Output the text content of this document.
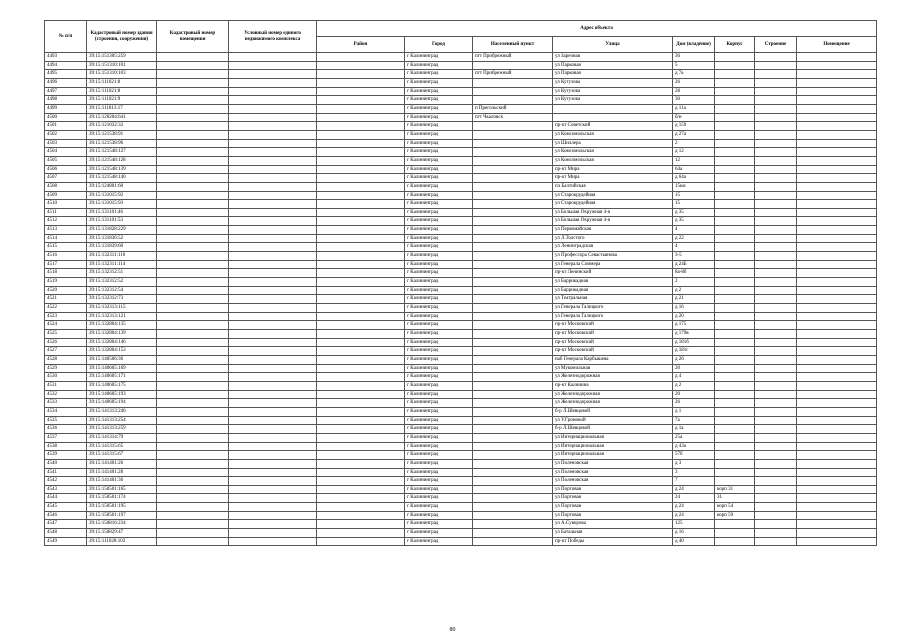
№ п/п	Кадастровый номер здания (строения, сооружения)	Кадастровый номер помещения	Условный номер единого недвижимого комплекса	Адрес объекта							
				Район	Город	Населенный пункт	Улица	Дом (владение)	Корпус	Строение	Помещение
4493	39:15:151305:259				г Калининград	пгт Прибрежный	ул Заречная	36			
4494	39:15:151310:101				г Калининград		ул Парковая	5			
4495	39:15:151310:103				г Калининград	пгт Прибрежный	ул Парковая	д 7а			
4496	39:15:111021:8				г Калининград		ул Кутузова	26			
4497	39:15:111021:8				г Калининград		ул Кутузова	28			
4498	39:15:111021:9				г Калининград		ул Кутузова	30			
4499	39:15:111813:17				г Калининград	п Прегольский		д 11а			
4500	39:15:120204:641				г Калининград	пгт Чкаловск		б/н			
4501	39:15:121032:32				г Калининград		пр-кт Советский	д 159			
4502	39:15:121538:91				г Калининград		ул Комсомольская	д 27а			
4503	39:15:121538:96				г Калининград		ул Шиллера	2			
4504	39:15:121548:127				г Калининград		ул Комсомольская	д 12			
4505	39:15:121548:128				г Калининград		ул Комсомольская	12			
4506	39:15:121548:139				г Калининград		пр-кт Мира	64а			
4507	39:15:121548:140				г Калининград		пр-кт Мира	д 64а			
4508	39:15:124801:60				г Калининград		пл Балтийская	15км			
4509	39:15:131015:92				г Калининград		ул Старокрудейная	15			
4510	39:15:131015:93				г Калининград		ул Старокрудейная	15			
4511	39:15:131101:46				г Калининград		ул Большая Окружная 4-я	д 35			
4512	39:15:131101:53				г Калининград		ул Большая Окружная 4-я	д 35			
4513	39:15:131828:229				г Калининград		ул Первомайская	4			
4514	39:15:131836:52				г Калининград		ул Л.Толстого	д 22			
4515	39:15:131839:60				г Калининград		ул Ленинградская	4			
4516	39:15:132311:110				г Калининград		ул Профессора Севастьянова	3-5			
4517	39:15:132311:114				г Калининград		ул Генерала Соммера	д 24Б			
4518	39:15:132312:51				г Калининград		пр-кт Ленинский	8а-8б			
4519	39:15:132312:52				г Калининград		ул Баррикадная	2			
4520	39:15:132312:54				г Калининград		ул Баррикадная	д 2			
4521	39:15:132312:73				г Калининград		ул Театральная	д 21			
4522	39:15:132313:115				г Калининград		ул Генерала Галицкого	д 16			
4523	39:15:132313:121				г Калининград		ул Генерала Галицкого	д 20			
4524	39:15:132804:135				г Калининград		пр-кт Московский	д 175			
4525	39:15:132804:139				г Калининград		пр-кт Московский	д 179в			
4526	39:15:132804:146				г Калининград		пр-кт Московский	д 181б			
4527	39:15:132804:153				г Калининград		пр-кт Московский	д 181г			
4528	39:15:140506:36				г Калининград		наб Генерала Карбышева	д 26			
4529	39:15:140605:169				г Калининград		ул Мукомольная	20			
4530	39:15:140605:171				г Калининград		ул Железнодорожная	д 4			
4531	39:15:140605:175				г Калининград		пр-кт Калинина	д 2			
4532	39:15:140605:193				г Калининград		ул Железнодорожная	20			
4533	39:15:140605:194				г Калининград		ул Железнодорожная	26			
4534	39:15:141313:246				г Калининград		б-р Л.Шевцовой	д 1			
4535	39:15:141313:254				г Калининград		ул У.Громовой	7а			
4536	39:15:141313:259				г Калининград		б-р Л.Шевцовой	д 1а			
4537	39:15:141314:79				г Калининград		ул Интернациональная	25а			
4538	39:15:141315:65				г Калининград		ул Интернациональная	д 43а			
4539	39:15:141315:67				г Калининград		ул Интернациональная	57б			
4540	39:15:141401:26				г Калининград		ул Поленовская	д 3			
4541	39:15:141401:28				г Калининград		ул Поленовская	3			
4542	39:15:141401:36				г Калининград		ул Поленовская	7			
4543	39:15:150501:165				г Калининград		ул Портовая	д 24	корп 31		
4544	39:15:150501:174				г Калининград		ул Портовая	24	31		
4545	39:15:150501:195				г Калининград		ул Портовая	д 24	корп 54		
4546	39:15:150501:197				г Калининград		ул Портовая	д 24	корп 59		
4547	39:15:150816:234				г Калининград		ул А.Суворова	125			
4548	39:15:150829:47				г Калининград		ул Батальная	д 16			
4549	39:15:111028:103				г Калининград		пр-кт Победы	д 40			
80
